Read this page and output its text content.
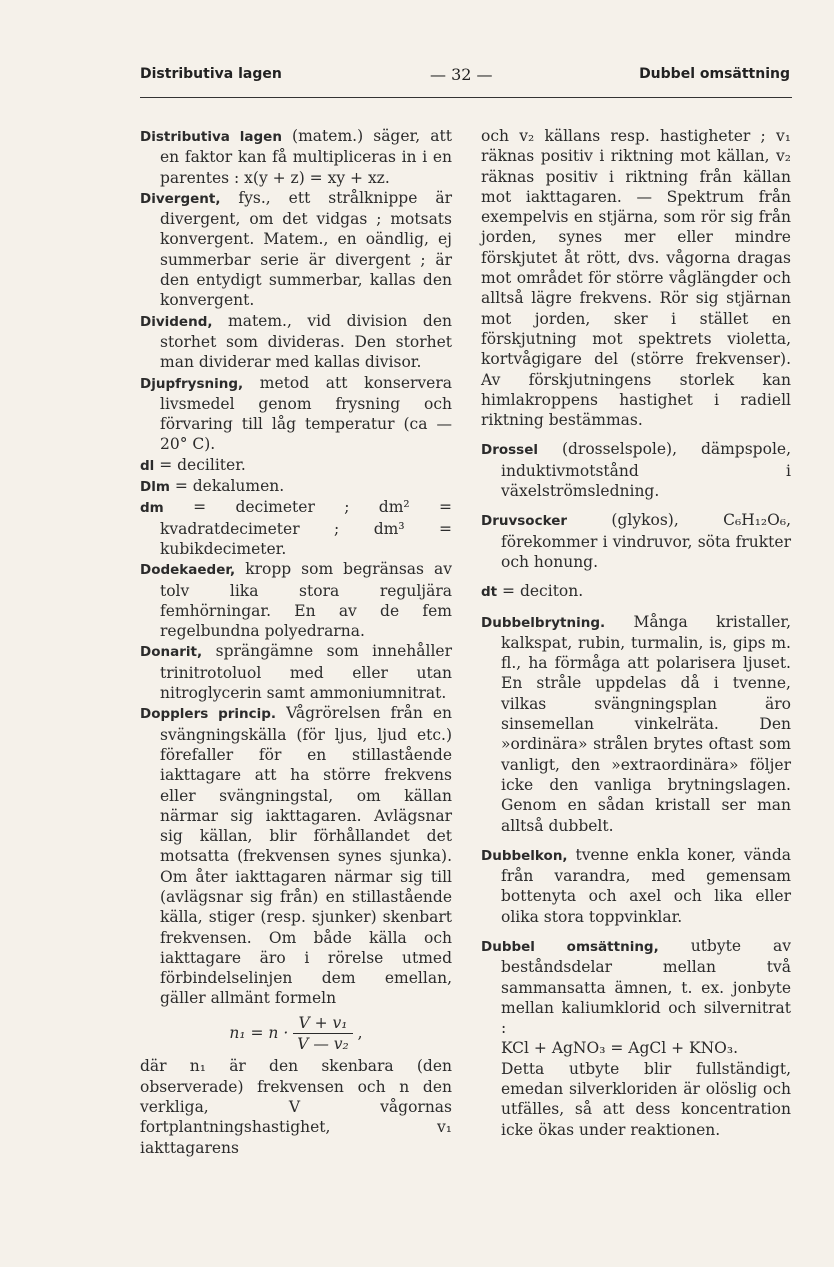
Distributiva lagen	— 32 —	Dubbel omsättning

Distributiva lagen (matem.) säger, att en faktor kan få multipliceras in i en parentes : x(y + z) = xy + xz.

Divergent, fys., ett strålknippe är divergent, om det vidgas ; motsats konvergent. Matem., en oändlig, ej summerbar serie är divergent ; är den entydigt summerbar, kallas den konvergent.

Dividend, matem., vid division den storhet som divideras. Den storhet man dividerar med kallas divisor.

Djupfrysning, metod att konservera livsmedel genom frysning och förvaring till låg temperatur (ca — 20° C).

dl = deciliter.

Dlm = dekalumen.

dm = decimeter ; dm² = kvadratdecimeter ; dm³ = kubikdecimeter.

Dodekaeder, kropp som begränsas av tolv lika stora reguljära femhörningar. En av de fem regelbundna polyedrarna.

Donarit, sprängämne som innehåller trinitrotoluol med eller utan nitroglycerin samt ammoniumnitrat.

Dopplers princip. Vågrörelsen från en svängningskälla (för ljus, ljud etc.) förefaller för en stillastående iakttagare att ha större frekvens eller svängningstal, om källan närmar sig iakttagaren. Avlägsnar sig källan, blir förhållandet det motsatta (frekvensen synes sjunka). Om åter iakttagaren närmar sig till (avlägsnar sig från) en stillastående källa, stiger (resp. sjunker) skenbart frekvensen. Om både källa och iakttagare äro i rörelse utmed förbindelselinjen dem emellan, gäller allmänt formeln

$n_1 = n \cdot \frac{\text{V + v₁}}{\text{V — v₂}}$ ,

där n₁ är den skenbara (den observerade) frekvensen och n den verkliga, V vågornas fortplantningshastighet, v₁ iakttagarens

och v₂ källans resp. hastigheter ; v₁ räknas positiv i riktning mot källan, v₂ räknas positiv i riktning från källan mot iakttagaren. — Spektrum från exempelvis en stjärna, som rör sig från jorden, synes mer eller mindre förskjutet åt rött, dvs. vågorna dragas mot området för större våglängder och alltså lägre frekvens. Rör sig stjärnan mot jorden, sker i stället en förskjutning mot spektrets violetta, kortvågigare del (större frekvenser). Av förskjutningens storlek kan himlakroppens hastighet i radiell riktning bestämmas.

Drossel (drosselspole), dämpspole, induktivmotstånd i växelströmsledning.

Druvsocker (glykos), C₆H₁₂O₆, förekommer i vindruvor, söta frukter och honung.

dt = deciton.

Dubbelbrytning. Många kristaller, kalkspat, rubin, turmalin, is, gips m. fl., ha förmåga att polarisera ljuset. En stråle uppdelas då i tvenne, vilkas svängningsplan äro sinsemellan vinkelräta. Den »ordinära» strålen brytes oftast som vanligt, den »extraordinära» följer icke den vanliga brytningslagen. Genom en sådan kristall ser man alltså dubbelt.

Dubbelkon, tvenne enkla koner, vända från varandra, med gemensam bottenyta och axel och lika eller olika stora toppvinklar.

Dubbel omsättning, utbyte av beståndsdelar mellan två sammansatta ämnen, t. ex. jonbyte mellan kaliumklorid och silvernitrat :

KCl + AgNO₃ = AgCl + KNO₃.

Detta utbyte blir fullständigt, emedan silverkloriden är olöslig och utfälles, så att dess koncentration icke ökas under reaktionen.
